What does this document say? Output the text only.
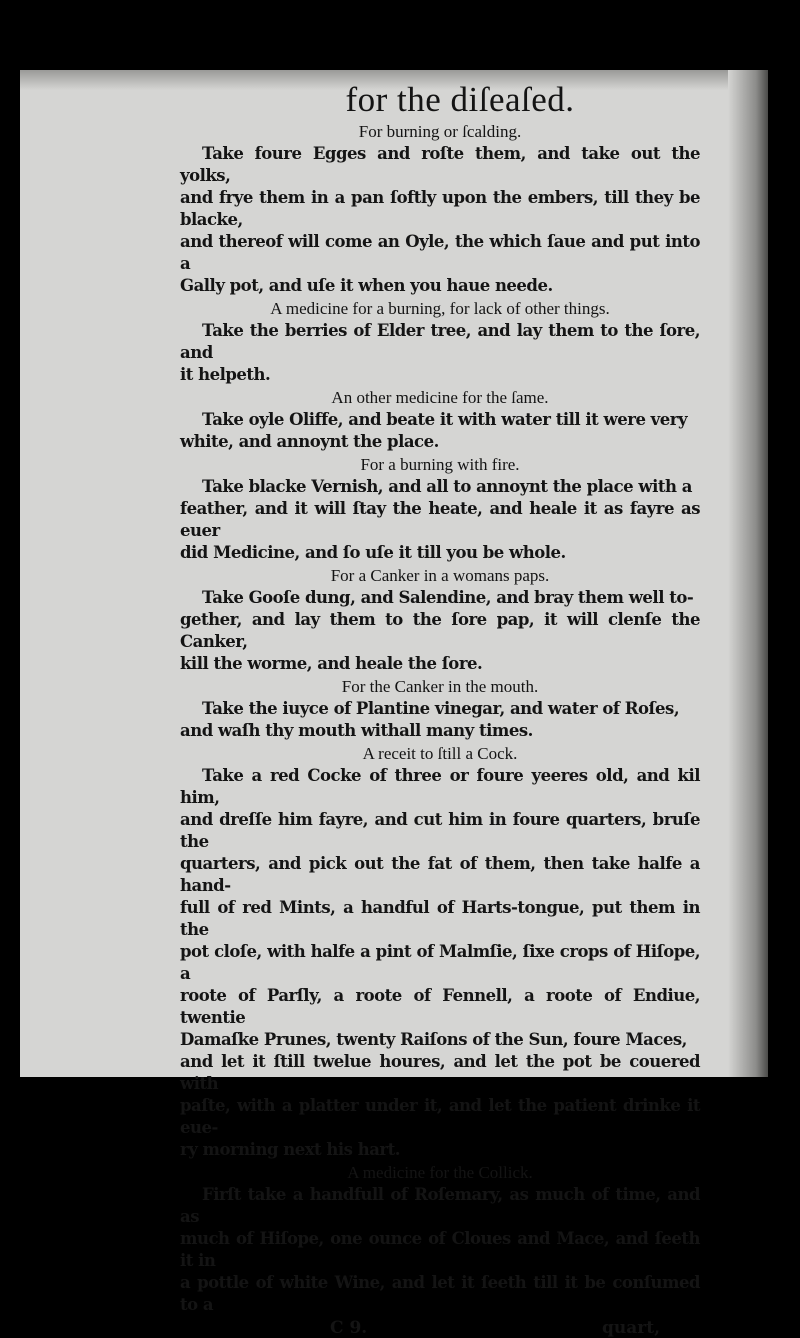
for the diſeaſed.
For burning or ſcalding.
Take foure Egges and roſte them, and take out the yolks,
and frye them in a pan ſoftly upon the embers, till they be blacke,
and thereof will come an Oyle, the which ſaue and put into a
Gally pot, and uſe it when you haue neede.
A medicine for a burning, for lack of other things.
Take the berries of Elder tree, and lay them to the ſore, and
it helpeth.
An other medicine for the ſame.
Take oyle Oliffe, and beate it with water till it were very
white, and annoynt the place.
For a burning with fire.
Take blacke Vernish, and all to annoynt the place with a
feather, and it will ſtay the heate, and heale it as fayre as euer
did Medicine, and ſo uſe it till you be whole.
For a Canker in a womans paps.
Take Gooſe dung, and Salendine, and bray them well to-
gether, and lay them to the ſore pap, it will clenſe the Canker,
kill the worme, and heale the ſore.
For the Canker in the mouth.
Take the iuyce of Plantine vinegar, and water of Roſes,
and waſh thy mouth withall many times.
A receit to ſtill a Cock.
Take a red Cocke of three or foure yeeres old, and kil him,
and dreſſe him fayre, and cut him in foure quarters, bruſe the
quarters, and pick out the fat of them, then take halfe a hand-
full of red Mints, a handful of Harts-tongue, put them in the
pot cloſe, with halfe a pint of Malmſie, ſixe crops of Hiſope, a
roote of Parſly, a roote of Fennell, a roote of Endiue, twentie
Damaſke Prunes, twenty Raiſons of the Sun, foure Maces,
and let it ſtill twelue houres, and let the pot be couered with
paſte, with a platter under it, and let the patient drinke it eue-
ry morning next his hart.
A medicine for the Collick.
Firſt take a handfull of Roſemary, as much of time, and as
much of Hiſope, one ounce of Cloues and Mace, and ſeeth it in
a pottle of white Wine, and let it ſeeth till it be conſumed to a
C 9.	quart,
